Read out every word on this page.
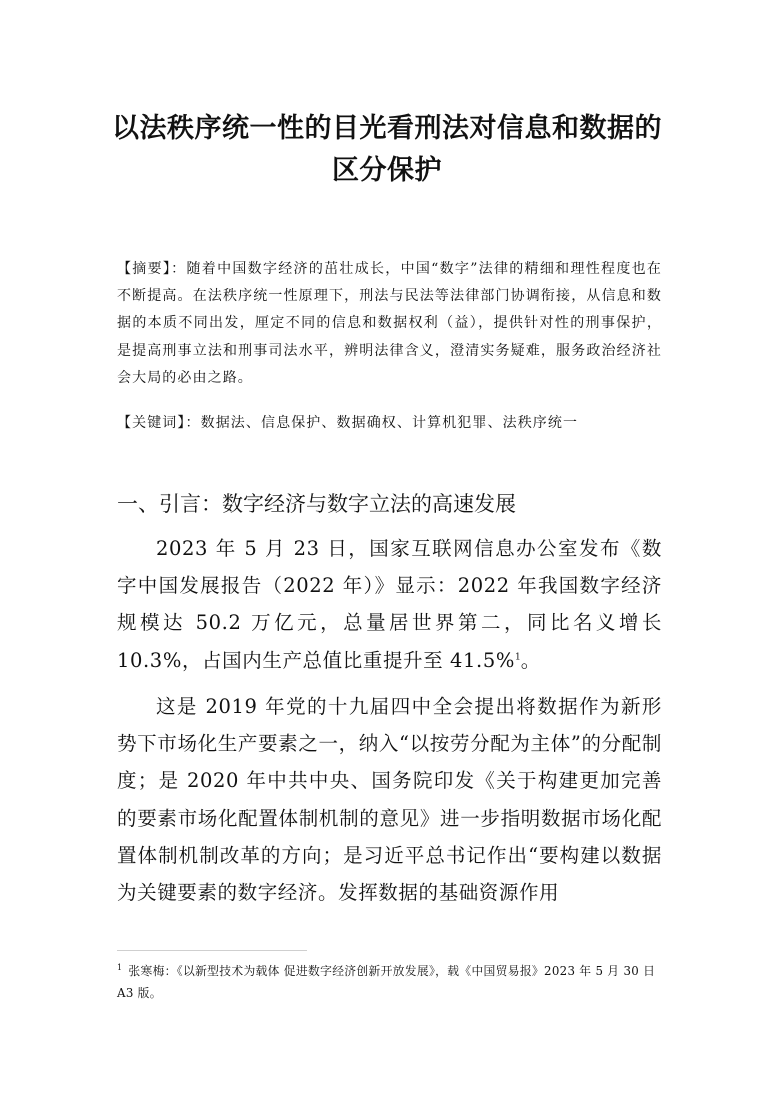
以法秩序统一性的目光看刑法对信息和数据的区分保护
【摘要】：随着中国数字经济的茁壮成长，中国“数字”法律的精细和理性程度也在不断提高。在法秩序统一性原理下，刑法与民法等法律部门协调衔接，从信息和数据的本质不同出发，厘定不同的信息和数据权利（益），提供针对性的刑事保护，是提高刑事立法和刑事司法水平，辨明法律含义，澄清实务疑难，服务政治经济社会大局的必由之路。
【关键词】：数据法、信息保护、数据确权、计算机犯罪、法秩序统一
一、引言：数字经济与数字立法的高速发展
2023 年 5 月 23 日，国家互联网信息办公室发布《数字中国发展报告（2022 年）》显示：2022 年我国数字经济规模达 50.2 万亿元，总量居世界第二，同比名义增长 10.3%，占国内生产总值比重提升至 41.5%$^1$。
这是 2019 年党的十九届四中全会提出将数据作为新形势下市场化生产要素之一，纳入“以按劳分配为主体”的分配制度；是 2020 年中共中央、国务院印发《关于构建更加完善的要素市场化配置体制机制的意见》进一步指明数据市场化配置体制机制改革的方向；是习近平总书记作出“要构建以数据为关键要素的数字经济。发挥数据的基础资源作用
$^1$ 张寒梅：《以新型技术为载体 促进数字经济创新开放发展》，载《中国贸易报》2023 年 5 月 30 日 A3 版。
